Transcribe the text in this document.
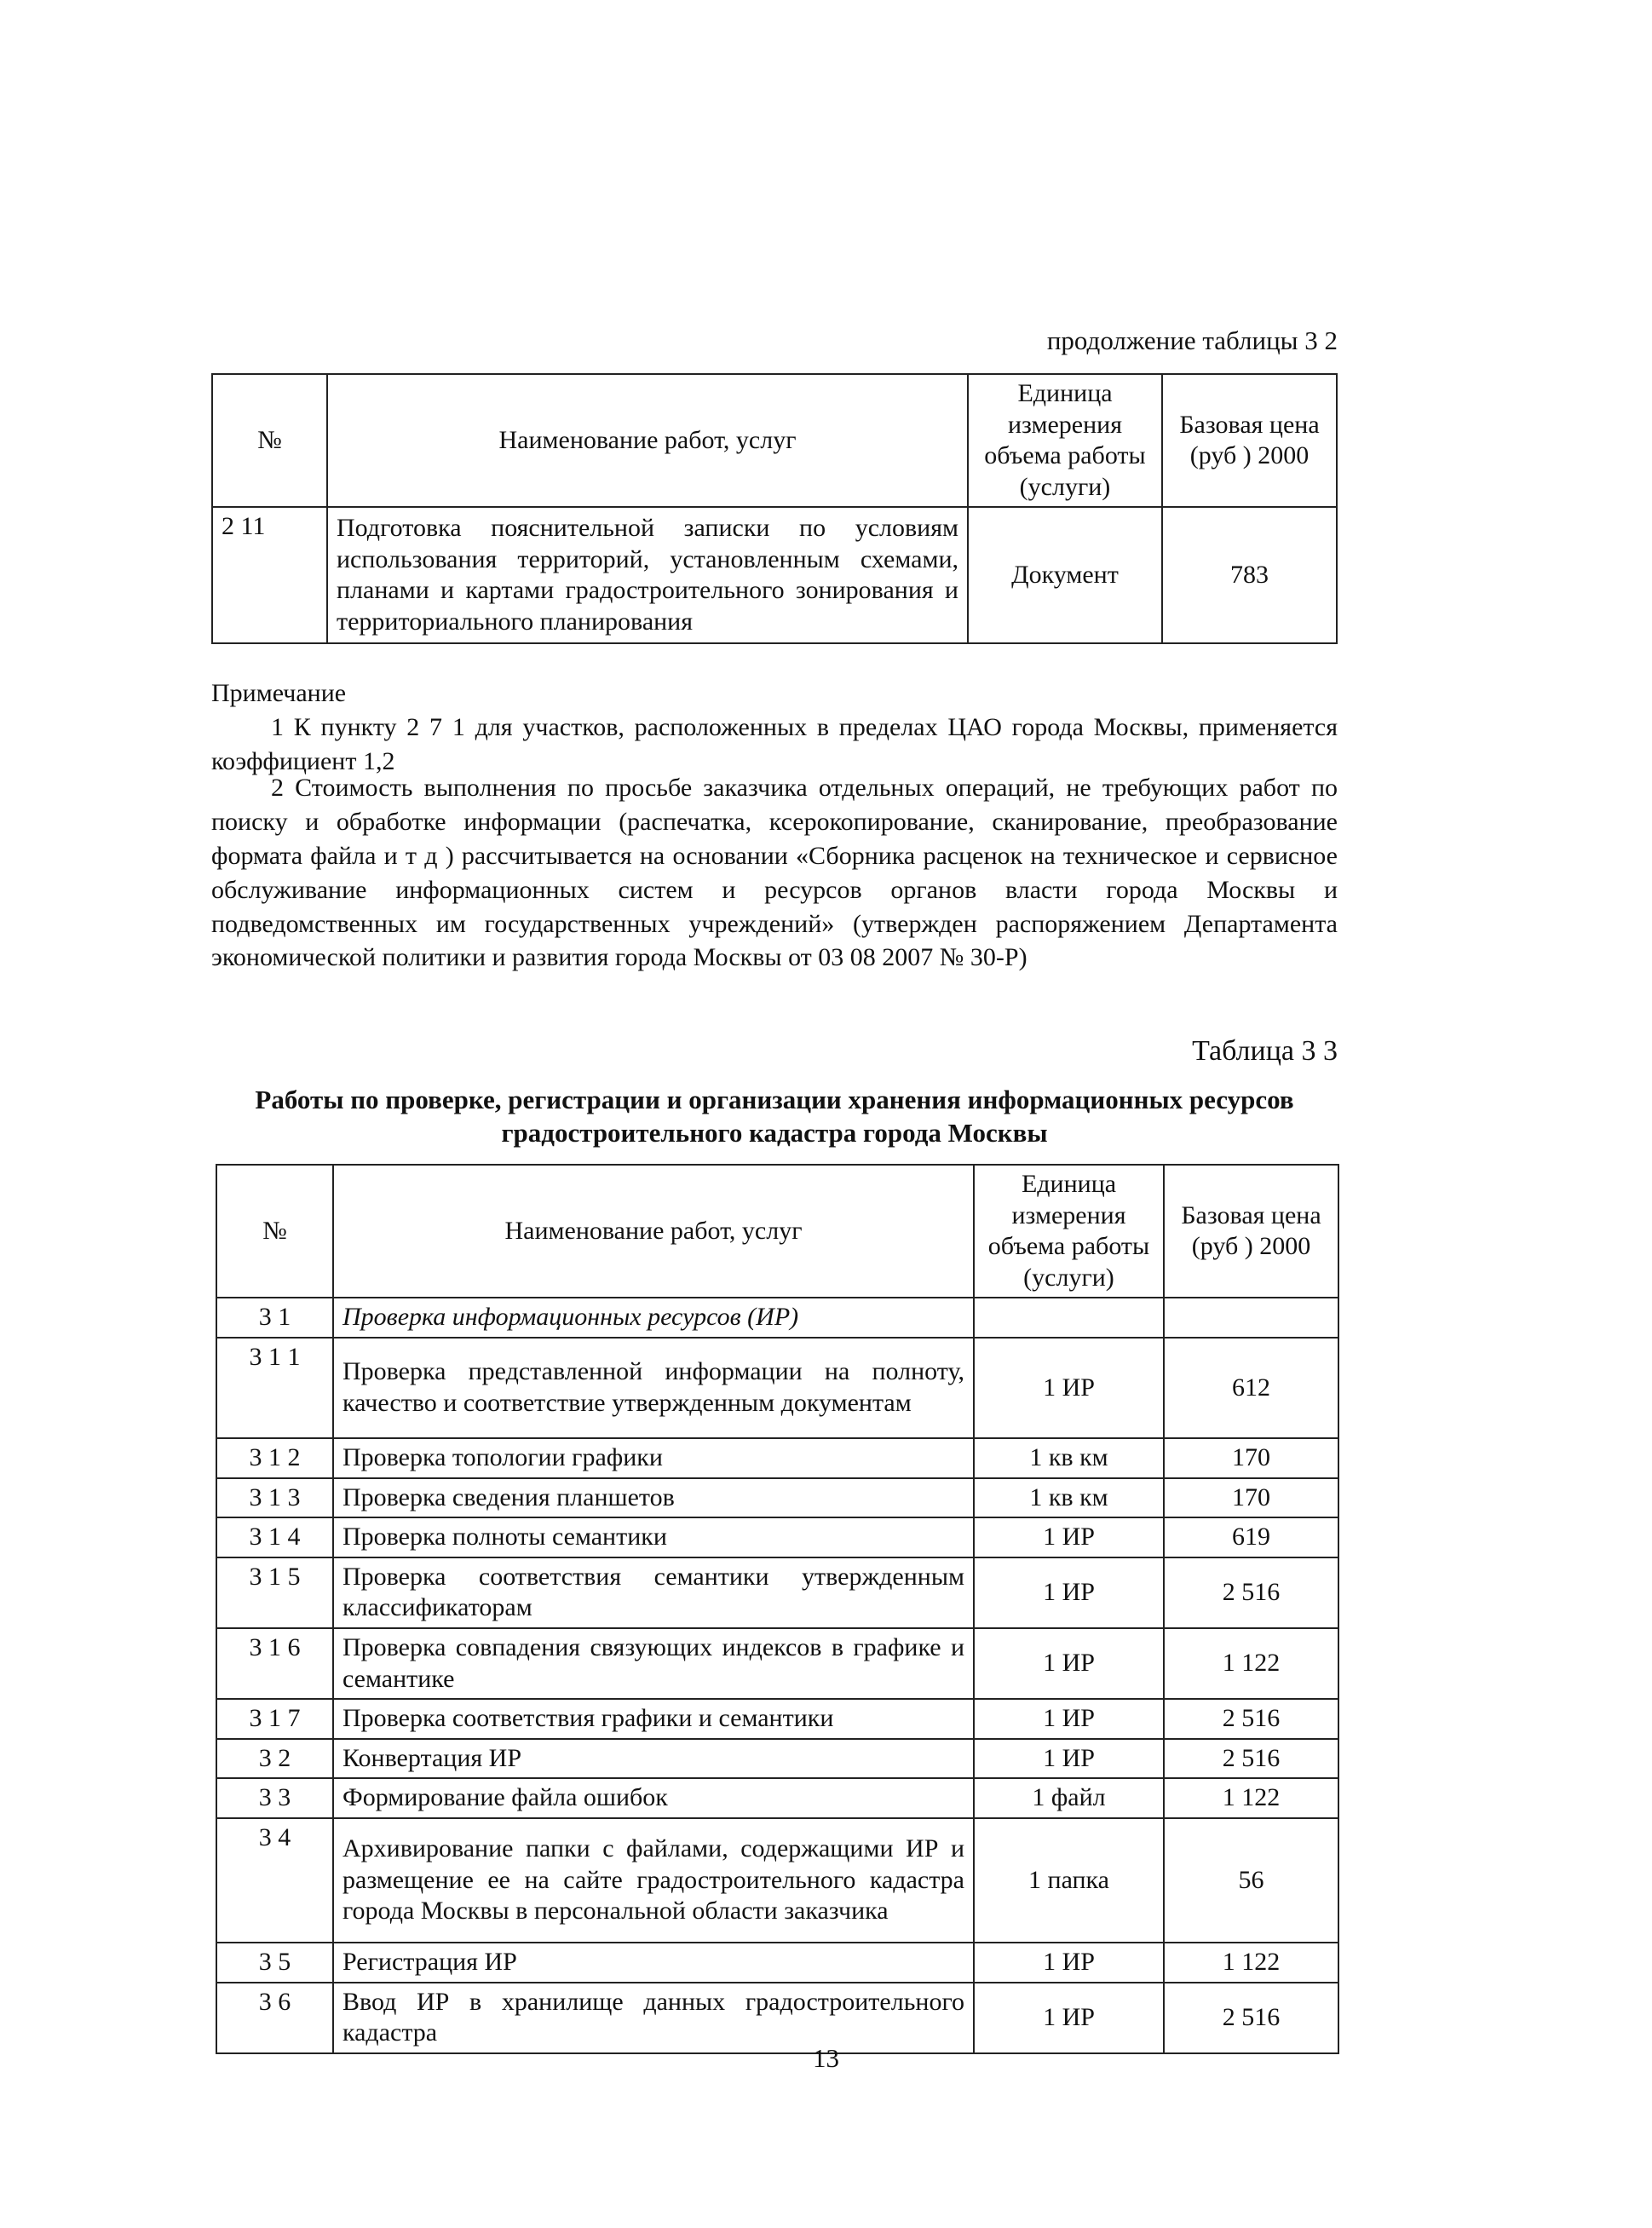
продолжение таблицы 3 2
№	Наименование работ, услуг	Единица измерения объема работы (услуги)	Базовая цена (руб ) 2000
2 11	Подготовка пояснительной записки по условиям использования территорий, установленным схемами, планами и картами градостроительного зонирования и территориального планирования	Документ	783
Примечание
1 К пункту 2 7 1 для участков, расположенных в пределах ЦАО города Москвы, применяется коэффициент 1,2
2 Стоимость выполнения по просьбе заказчика отдельных операций, не требующих работ по поиску и обработке информации (распечатка, ксерокопирование, сканирование, преобразование формата файла и т д ) рассчитывается на основании «Сборника расценок на техническое и сервисное обслуживание информационных систем и ресурсов органов власти города Москвы и подведомственных им государственных учреждений» (утвержден распоряжением Департамента экономической политики и развития города Москвы от 03 08 2007 № 30-Р)
Таблица 3 3
Работы по проверке, регистрации и организации хранения информационных ресурсов градостроительного кадастра города Москвы
№	Наименование работ, услуг	Единица измерения объема работы (услуги)	Базовая цена (руб ) 2000
3 1	Проверка информационных ресурсов (ИР)		
3 1 1	Проверка представленной информации на полноту, качество и соответствие утвержденным документам	1 ИР	612
3 1 2	Проверка топологии графики	1 кв км	170
3 1 3	Проверка сведения планшетов	1 кв км	170
3 1 4	Проверка полноты семантики	1 ИР	619
3 1 5	Проверка соответствия семантики утвержденным классификаторам	1 ИР	2 516
3 1 6	Проверка совпадения связующих индексов в графике и семантике	1 ИР	1 122
3 1 7	Проверка соответствия графики и семантики	1 ИР	2 516
3 2	Конвертация ИР	1 ИР	2 516
3 3	Формирование файла ошибок	1 файл	1 122
3 4	Архивирование папки с файлами, содержащими ИР и размещение ее на сайте градостроительного кадастра города Москвы в персональной области заказчика	1 папка	56
3 5	Регистрация ИР	1 ИР	1 122
3 6	Ввод ИР в хранилище данных градостроительного кадастра	1 ИР	2 516
13
